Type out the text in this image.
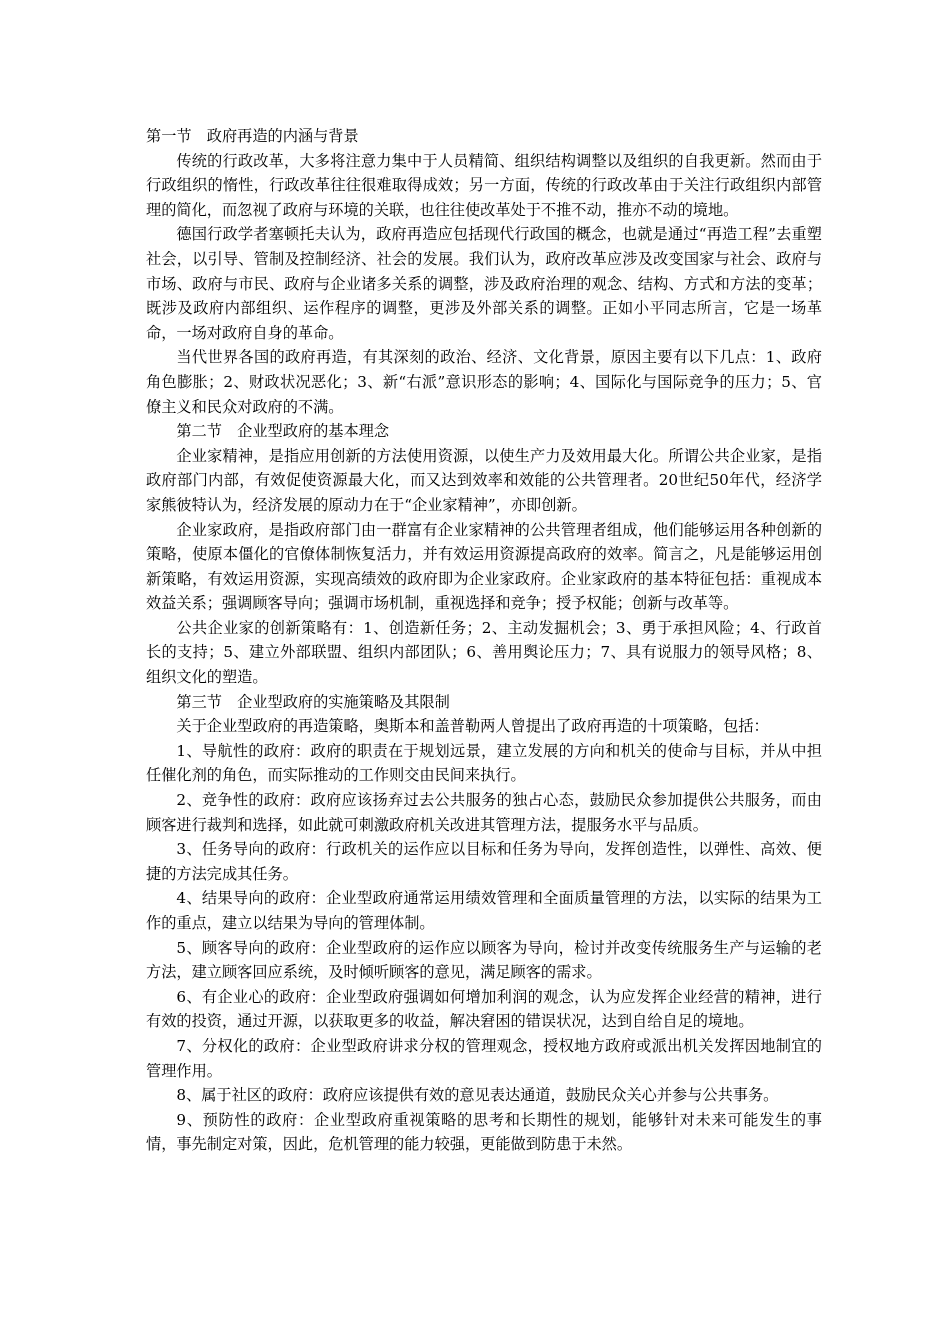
第一节　政府再造的内涵与背景

传统的行政改革，大多将注意力集中于人员精简、组织结构调整以及组织的自我更新。然而由于行政组织的惰性，行政改革往往很难取得成效；另一方面，传统的行政改革由于关注行政组织内部管理的简化，而忽视了政府与环境的关联，也往往使改革处于不推不动，推亦不动的境地。

德国行政学者塞顿托夫认为，政府再造应包括现代行政国的概念，也就是通过“再造工程”去重塑社会，以引导、管制及控制经济、社会的发展。我们认为，政府改革应涉及改变国家与社会、政府与市场、政府与市民、政府与企业诸多关系的调整，涉及政府治理的观念、结构、方式和方法的变革；既涉及政府内部组织、运作程序的调整，更涉及外部关系的调整。正如小平同志所言，它是一场革命，一场对政府自身的革命。

当代世界各国的政府再造，有其深刻的政治、经济、文化背景，原因主要有以下几点：1、政府角色膨胀；2、财政状况恶化；3、新“右派”意识形态的影响；4、国际化与国际竞争的压力；5、官僚主义和民众对政府的不满。

第二节　企业型政府的基本理念

企业家精神，是指应用创新的方法使用资源，以使生产力及效用最大化。所谓公共企业家，是指政府部门内部，有效促使资源最大化，而又达到效率和效能的公共管理者。20世纪50年代，经济学家熊彼特认为，经济发展的原动力在于“企业家精神”，亦即创新。

企业家政府，是指政府部门由一群富有企业家精神的公共管理者组成，他们能够运用各种创新的策略，使原本僵化的官僚体制恢复活力，并有效运用资源提高政府的效率。简言之，凡是能够运用创新策略，有效运用资源，实现高绩效的政府即为企业家政府。企业家政府的基本特征包括：重视成本效益关系；强调顾客导向；强调市场机制，重视选择和竞争；授予权能；创新与改革等。

公共企业家的创新策略有：1、创造新任务；2、主动发掘机会；3、勇于承担风险；4、行政首长的支持；5、建立外部联盟、组织内部团队；6、善用舆论压力；7、具有说服力的领导风格；8、组织文化的塑造。

第三节　企业型政府的实施策略及其限制

关于企业型政府的再造策略，奥斯本和盖普勒两人曾提出了政府再造的十项策略，包括：

1、导航性的政府：政府的职责在于规划远景，建立发展的方向和机关的使命与目标，并从中担任催化剂的角色，而实际推动的工作则交由民间来执行。

2、竞争性的政府：政府应该扬弃过去公共服务的独占心态，鼓励民众参加提供公共服务，而由顾客进行裁判和选择，如此就可刺激政府机关改进其管理方法，提服务水平与品质。

3、任务导向的政府：行政机关的运作应以目标和任务为导向，发挥创造性，以弹性、高效、便捷的方法完成其任务。

4、结果导向的政府：企业型政府通常运用绩效管理和全面质量管理的方法，以实际的结果为工作的重点，建立以结果为导向的管理体制。

5、顾客导向的政府：企业型政府的运作应以顾客为导向，检讨并改变传统服务生产与运输的老方法，建立顾客回应系统，及时倾听顾客的意见，满足顾客的需求。

6、有企业心的政府：企业型政府强调如何增加利润的观念，认为应发挥企业经营的精神，进行有效的投资，通过开源，以获取更多的收益，解决窘困的错误状况，达到自给自足的境地。

7、分权化的政府：企业型政府讲求分权的管理观念，授权地方政府或派出机关发挥因地制宜的管理作用。

8、属于社区的政府：政府应该提供有效的意见表达通道，鼓励民众关心并参与公共事务。

9、预防性的政府：企业型政府重视策略的思考和长期性的规划，能够针对未来可能发生的事情，事先制定对策，因此，危机管理的能力较强，更能做到防患于未然。
